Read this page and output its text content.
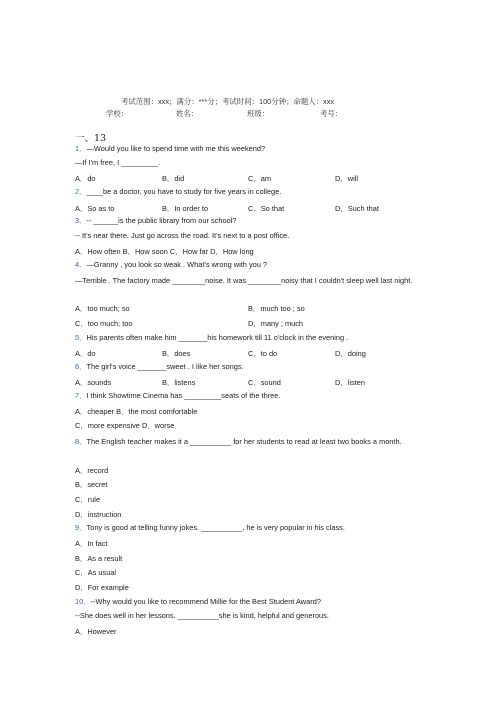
考试范围：xxx；满分：***分；考试时间：100分钟；命题人：xxx
学校：	姓名：	班级：	考号：
一、13
1．—Would you like to spend time with me this weekend?
—If I'm free, I _________.
A．do	B．did	C．am	D．will
2．____be a doctor, you have to study for five years in college.
A．So as to	B．In order to	C．So that	D．Such that
3．-- ______is the public library from our school?
-- It's near there. Just go across the road. It's next to a post office.
A．How often B．How soon C．How far D．How long
4．—Granny , you look so weak . What's wrong with you ?
—Terrible . The factory made ________noise. It was ________noisy that I couldn't sleep well last night.
A．too much; so	B．much too ; so
C．too much; too	D．many ; much
5．His parents often make him _______his homework till 11 o'clock in the evening .
A．do	B．does	C．to do	D．doing
6．The girl's voice _______sweet . I like her songs.
A．sounds	B．listens	C．sound	D．listen
7．I think Showtime Cinema has _________seats of the three.
A．cheaper B．the most comfortable
C．more expensive D．worse
8．The English teacher makes it a __________ for her students to read at least two books a month.
A．record
B．secret
C．rule
D．instruction
9．Tony is good at telling funny jokes. __________, he is very popular in his class.
A．In fact
B．As a result
C．As usual
D．For example
10．--Why would you like to recommend Millie for the Best Student Award?
--She does well in her lessons. __________she is kind, helpful and generous.
A．However
